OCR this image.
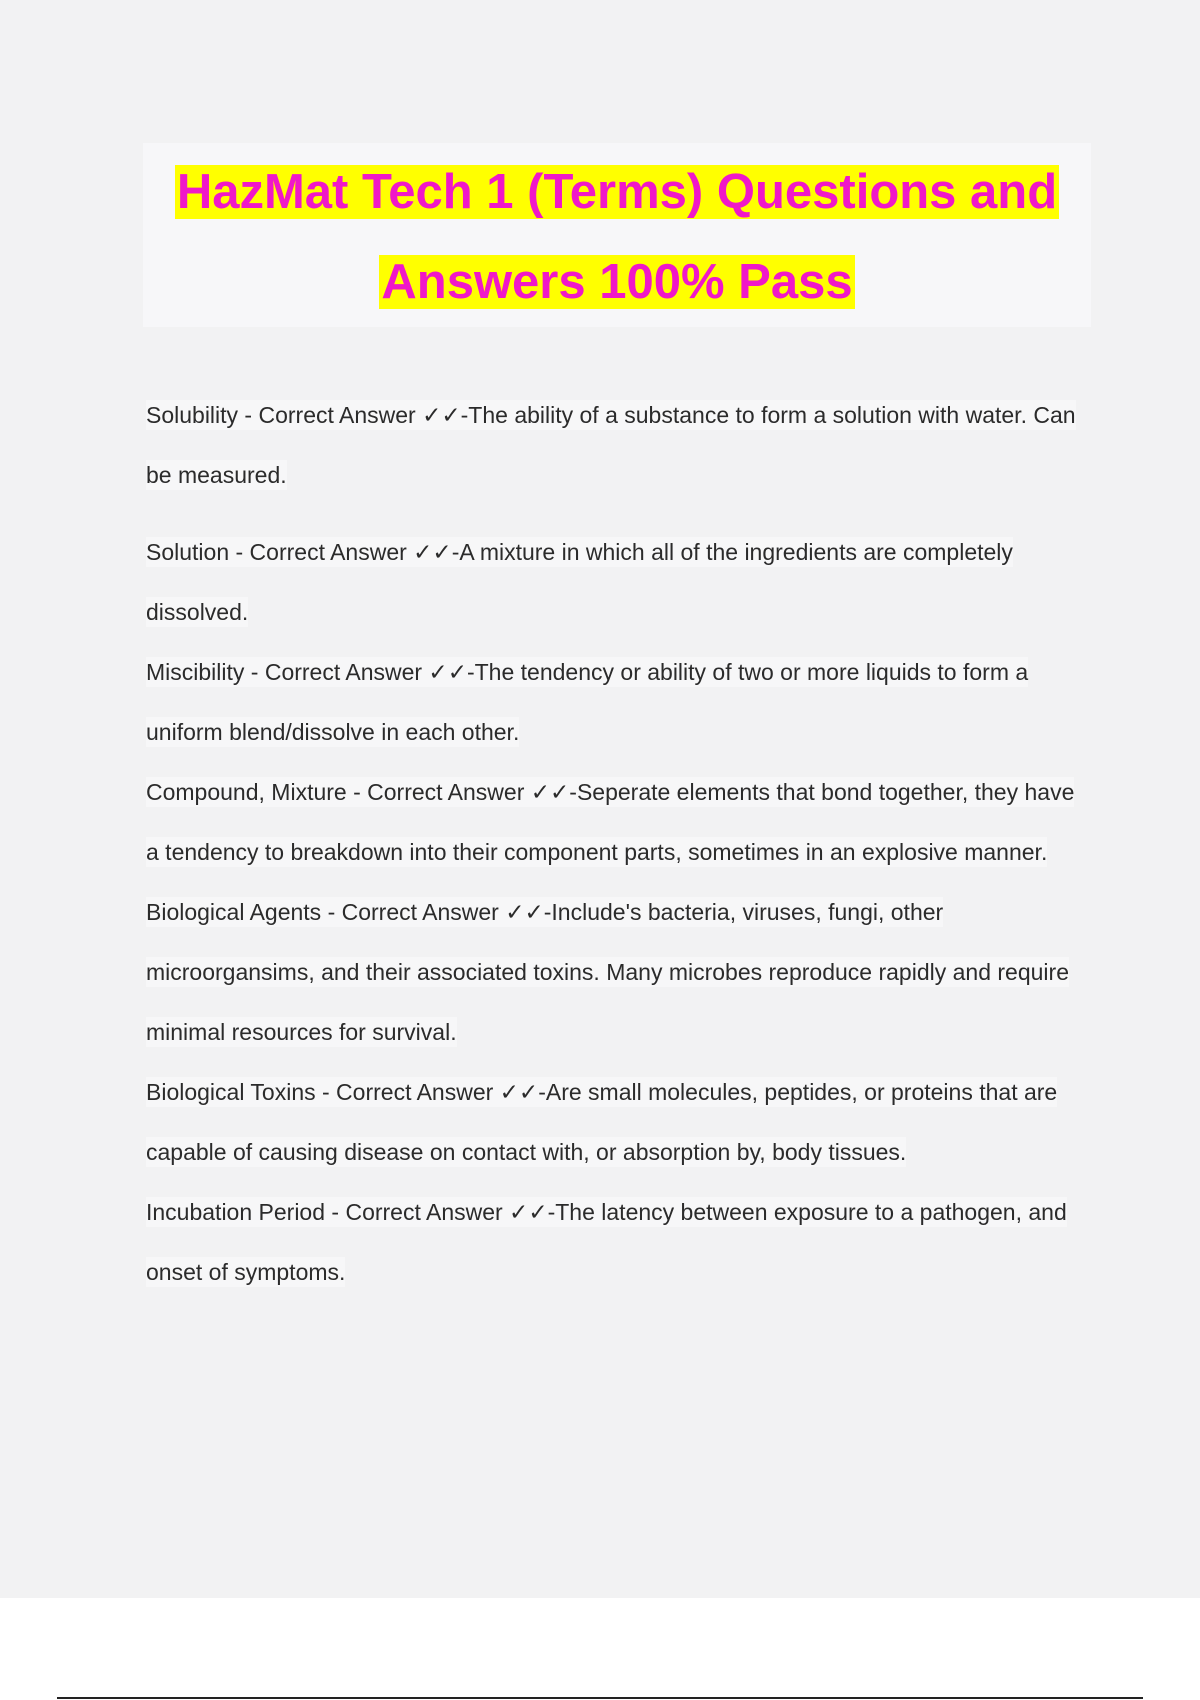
HazMat Tech 1 (Terms) Questions and
Answers 100% Pass

Solubility - Correct Answer ✓✓-The ability of a substance to form a solution with water. Can be measured.

Solution - Correct Answer ✓✓-A mixture in which all of the ingredients are completely dissolved.

Miscibility - Correct Answer ✓✓-The tendency or ability of two or more liquids to form a uniform blend/dissolve in each other.

Compound, Mixture - Correct Answer ✓✓-Seperate elements that bond together, they have a tendency to breakdown into their component parts, sometimes in an explosive manner.

Biological Agents - Correct Answer ✓✓-Include's bacteria, viruses, fungi, other microorgansims, and their associated toxins. Many microbes reproduce rapidly and require minimal resources for survival.

Biological Toxins - Correct Answer ✓✓-Are small molecules, peptides, or proteins that are capable of causing disease on contact with, or absorption by, body tissues.

Incubation Period - Correct Answer ✓✓-The latency between exposure to a pathogen, and onset of symptoms.
